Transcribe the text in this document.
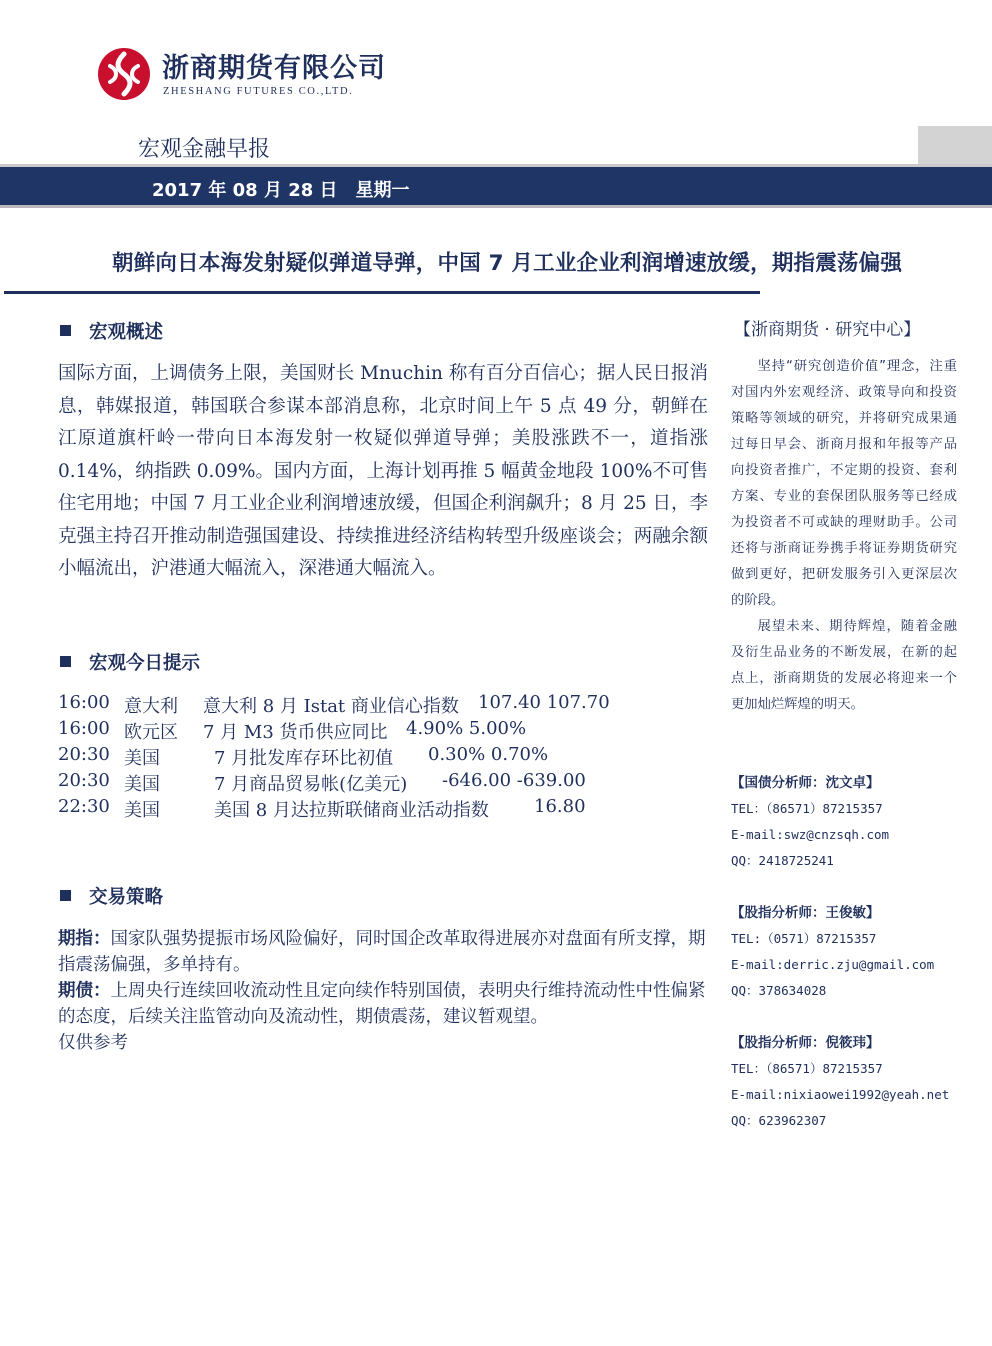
浙商期货有限公司
ZHESHANG FUTURES CO.,LTD.
宏观金融早报
2017 年 08 月 28 日　星期一
朝鲜向日本海发射疑似弹道导弹，中国 7 月工业企业利润增速放缓，期指震荡偏强
宏观概述
国际方面，上调债务上限，美国财长 Mnuchin 称有百分百信心；据人民日报消息，韩媒报道，韩国联合参谋本部消息称，北京时间上午 5 点 49 分，朝鲜在江原道旗杆岭一带向日本海发射一枚疑似弹道导弹；美股涨跌不一，道指涨 0.14%，纳指跌 0.09%。国内方面，上海计划再推 5 幅黄金地段 100%不可售住宅用地；中国 7 月工业企业利润增速放缓，但国企利润飙升；8 月 25 日，李克强主持召开推动制造强国建设、持续推进经济结构转型升级座谈会；两融余额小幅流出，沪港通大幅流入，深港通大幅流入。
宏观今日提示
16:00 意大利 意大利 8 月 Istat 商业信心指数 107.40 107.70
16:00 欧元区 7 月 M3 货币供应同比 4.90% 5.00%
20:30 美国	7 月批发库存环比初值 0.30% 0.70%
20:30 美国	7 月商品贸易帐(亿美元) -646.00 -639.00
22:30 美国	美国 8 月达拉斯联储商业活动指数	16.80
交易策略
期指：国家队强势提振市场风险偏好，同时国企改革取得进展亦对盘面有所支撑，期指震荡偏强，多单持有。
期债：上周央行连续回收流动性且定向续作特别国债，表明央行维持流动性中性偏紧的态度，后续关注监管动向及流动性，期债震荡，建议暂观望。
仅供参考
【浙商期货 · 研究中心】
坚持“研究创造价值”理念，注重对国内外宏观经济、政策导向和投资策略等领域的研究，并将研究成果通过每日早会、浙商月报和年报等产品向投资者推广，不定期的投资、套利方案、专业的套保团队服务等已经成为投资者不可或缺的理财助手。公司还将与浙商证券携手将证券期货研究做到更好，把研发服务引入更深层次的阶段。
展望未来、期待辉煌，随着金融及衍生品业务的不断发展，在新的起点上，浙商期货的发展必将迎来一个更加灿烂辉煌的明天。
【国债分析师：沈文卓】
TEL：（86571）87215357
E-mail:swz@cnzsqh.com
QQ：2418725241
【股指分析师：王俊敏】
TEL:（0571）87215357
E-mail:derric.zju@gmail.com
QQ：378634028
【股指分析师：倪筱玮】
TEL：（86571）87215357
E-mail:nixiaowei1992@yeah.net
QQ：623962307
